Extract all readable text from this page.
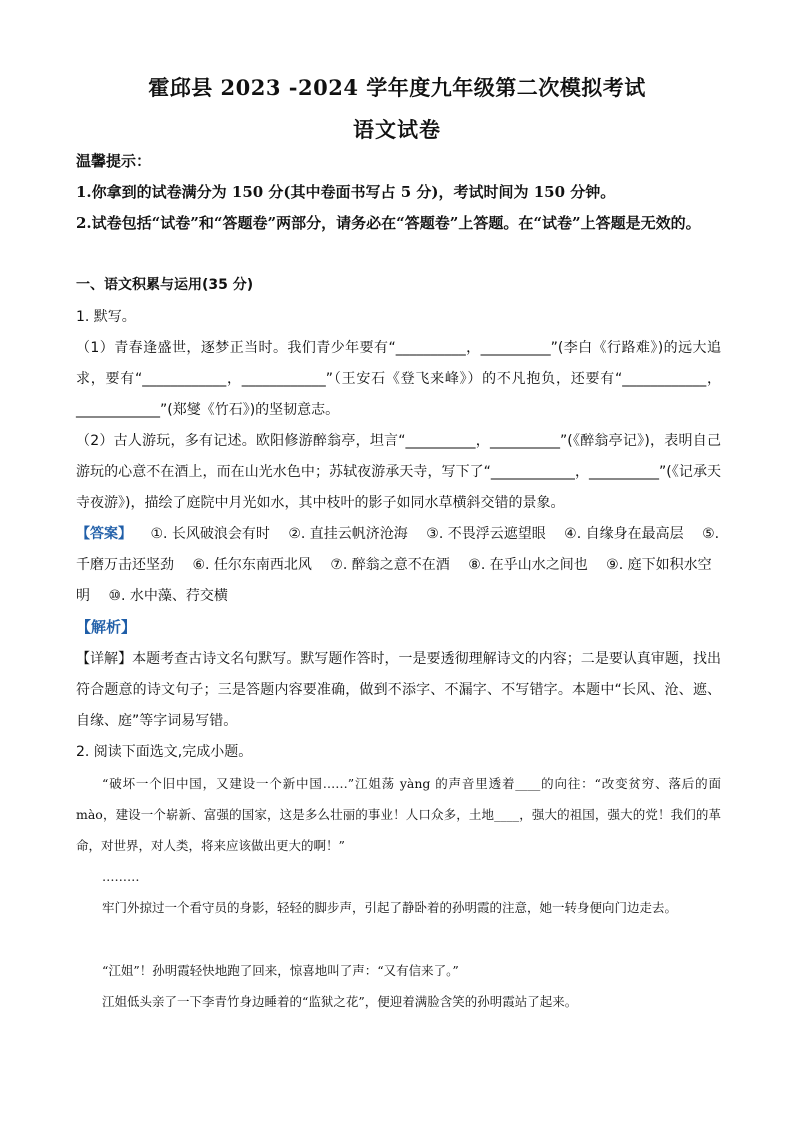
霍邱县 2023 -2024 学年度九年级第二次模拟考试
语文试卷
温馨提示：
1.你拿到的试卷满分为 150 分(其中卷面书写占 5 分)，考试时间为 150 分钟。
2.试卷包括“试卷”和“答题卷”两部分，请务必在“答题卷”上答题。在“试卷”上答题是无效的。
一、语文积累与运用(35 分)
1. 默写。
（1）青春逢盛世，逐梦正当时。我们青少年要有“__________，__________”(李白《行路难》)的远大追求，要有“____________，____________”（王安石《登飞来峰》）的不凡抱负，还要有“____________，____________”(郑燮《竹石》)的坚韧意志。
（2）古人游玩，多有记述。欧阳修游醉翁亭，坦言“__________，__________”(《醉翁亭记》)，表明自己游玩的心意不在酒上，而在山光水色中；苏轼夜游承天寺，写下了“____________，__________”(《记承天寺夜游》)，描绘了庭院中月光如水，其中枝叶的影子如同水草横斜交错的景象。
【答案】 ①. 长风破浪会有时 ②. 直挂云帆济沧海 ③. 不畏浮云遮望眼 ④. 自缘身在最高层 ⑤. 千磨万击还坚劲 ⑥. 任尔东南西北风 ⑦. 醉翁之意不在酒 ⑧. 在乎山水之间也 ⑨. 庭下如积水空明 ⑩. 水中藻、荇交横
【解析】
【详解】本题考查古诗文名句默写。默写题作答时，一是要透彻理解诗文的内容；二是要认真审题，找出符合题意的诗文句子；三是答题内容要准确，做到不添字、不漏字、不写错字。本题中“长风、沧、遮、自缘、庭”等字词易写错。
2. 阅读下面选文,完成小题。
“破坏一个旧中国，又建设一个新中国……”江姐荡 yàng 的声音里透着____的向往：“改变贫穷、落后的面 mào，建设一个崭新、富强的国家，这是多么壮丽的事业！人口众多，土地____，强大的祖国，强大的党！我们的革命，对世界，对人类，将来应该做出更大的啊！”
………
牢门外掠过一个看守员的身影，轻轻的脚步声，引起了静卧着的孙明霞的注意，她一转身便向门边走去。
“江姐”！孙明霞轻快地跑了回来，惊喜地叫了声：“又有信来了。”
江姐低头亲了一下李青竹身边睡着的“监狱之花”，便迎着满脸含笑的孙明霞站了起来。
